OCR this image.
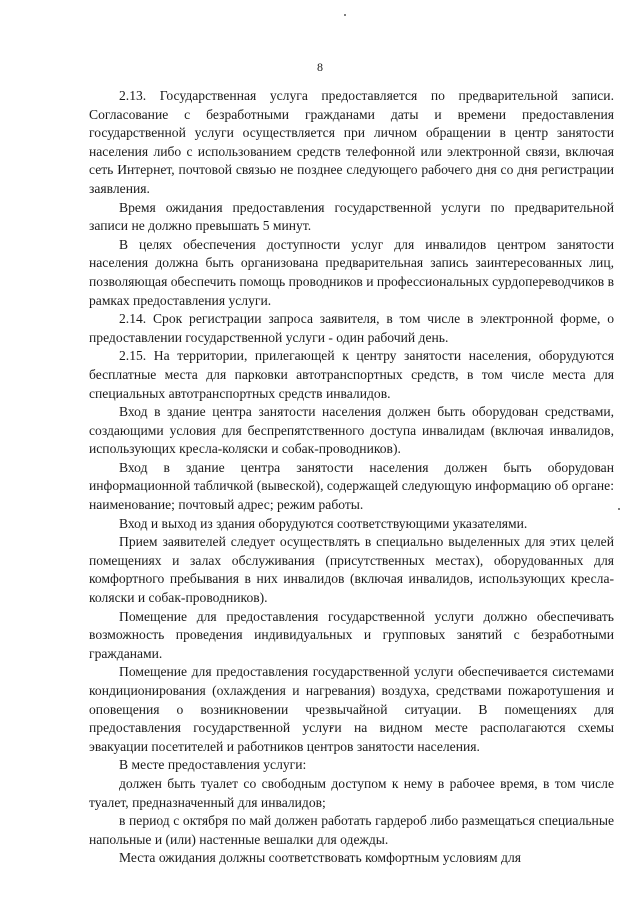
8

2.13. Государственная услуга предоставляется по предварительной записи. Согласование с безработными гражданами даты и времени предоставления государственной услуги осуществляется при личном обращении в центр занятости населения либо с использованием средств телефонной или электронной связи, включая сеть Интернет, почтовой связью не позднее следующего рабочего дня со дня регистрации заявления.

Время ожидания предоставления государственной услуги по предварительной записи не должно превышать 5 минут.

В целях обеспечения доступности услуг для инвалидов центром занятости населения должна быть организована предварительная запись заинтересованных лиц, позволяющая обеспечить помощь проводников и профессиональных сурдопереводчиков в рамках предоставления услуги.

2.14. Срок регистрации запроса заявителя, в том числе в электронной форме, о предоставлении государственной услуги - один рабочий день.

2.15. На территории, прилегающей к центру занятости населения, оборудуются бесплатные места для парковки автотранспортных средств, в том числе места для специальных автотранспортных средств инвалидов.

Вход в здание центра занятости населения должен быть оборудован средствами, создающими условия для беспрепятственного доступа инвалидам (включая инвалидов, использующих кресла-коляски и собак-проводников).

Вход в здание центра занятости населения должен быть оборудован информационной табличкой (вывеской), содержащей следующую информацию об органе: наименование; почтовый адрес; режим работы.

Вход и выход из здания оборудуются соответствующими указателями.

Прием заявителей следует осуществлять в специально выделенных для этих целей помещениях и залах обслуживания (присутственных местах), оборудованных для комфортного пребывания в них инвалидов (включая инвалидов, использующих кресла-коляски и собак-проводников).

Помещение для предоставления государственной услуги должно обеспечивать возможность проведения индивидуальных и групповых занятий с безработными гражданами.

Помещение для предоставления государственной услуги обеспечивается системами кондиционирования (охлаждения и нагревания) воздуха, средствами пожаротушения и оповещения о возникновении чрезвычайной ситуации. В помещениях для предоставления государственной услуги на видном месте располагаются схемы эвакуации посетителей и работников центров занятости населения.

В месте предоставления услуги:

должен быть туалет со свободным доступом к нему в рабочее время, в том числе туалет, предназначенный для инвалидов;

в период с октября по май должен работать гардероб либо размещаться специальные напольные и (или) настенные вешалки для одежды.

Места ожидания должны соответствовать комфортным условиям для
